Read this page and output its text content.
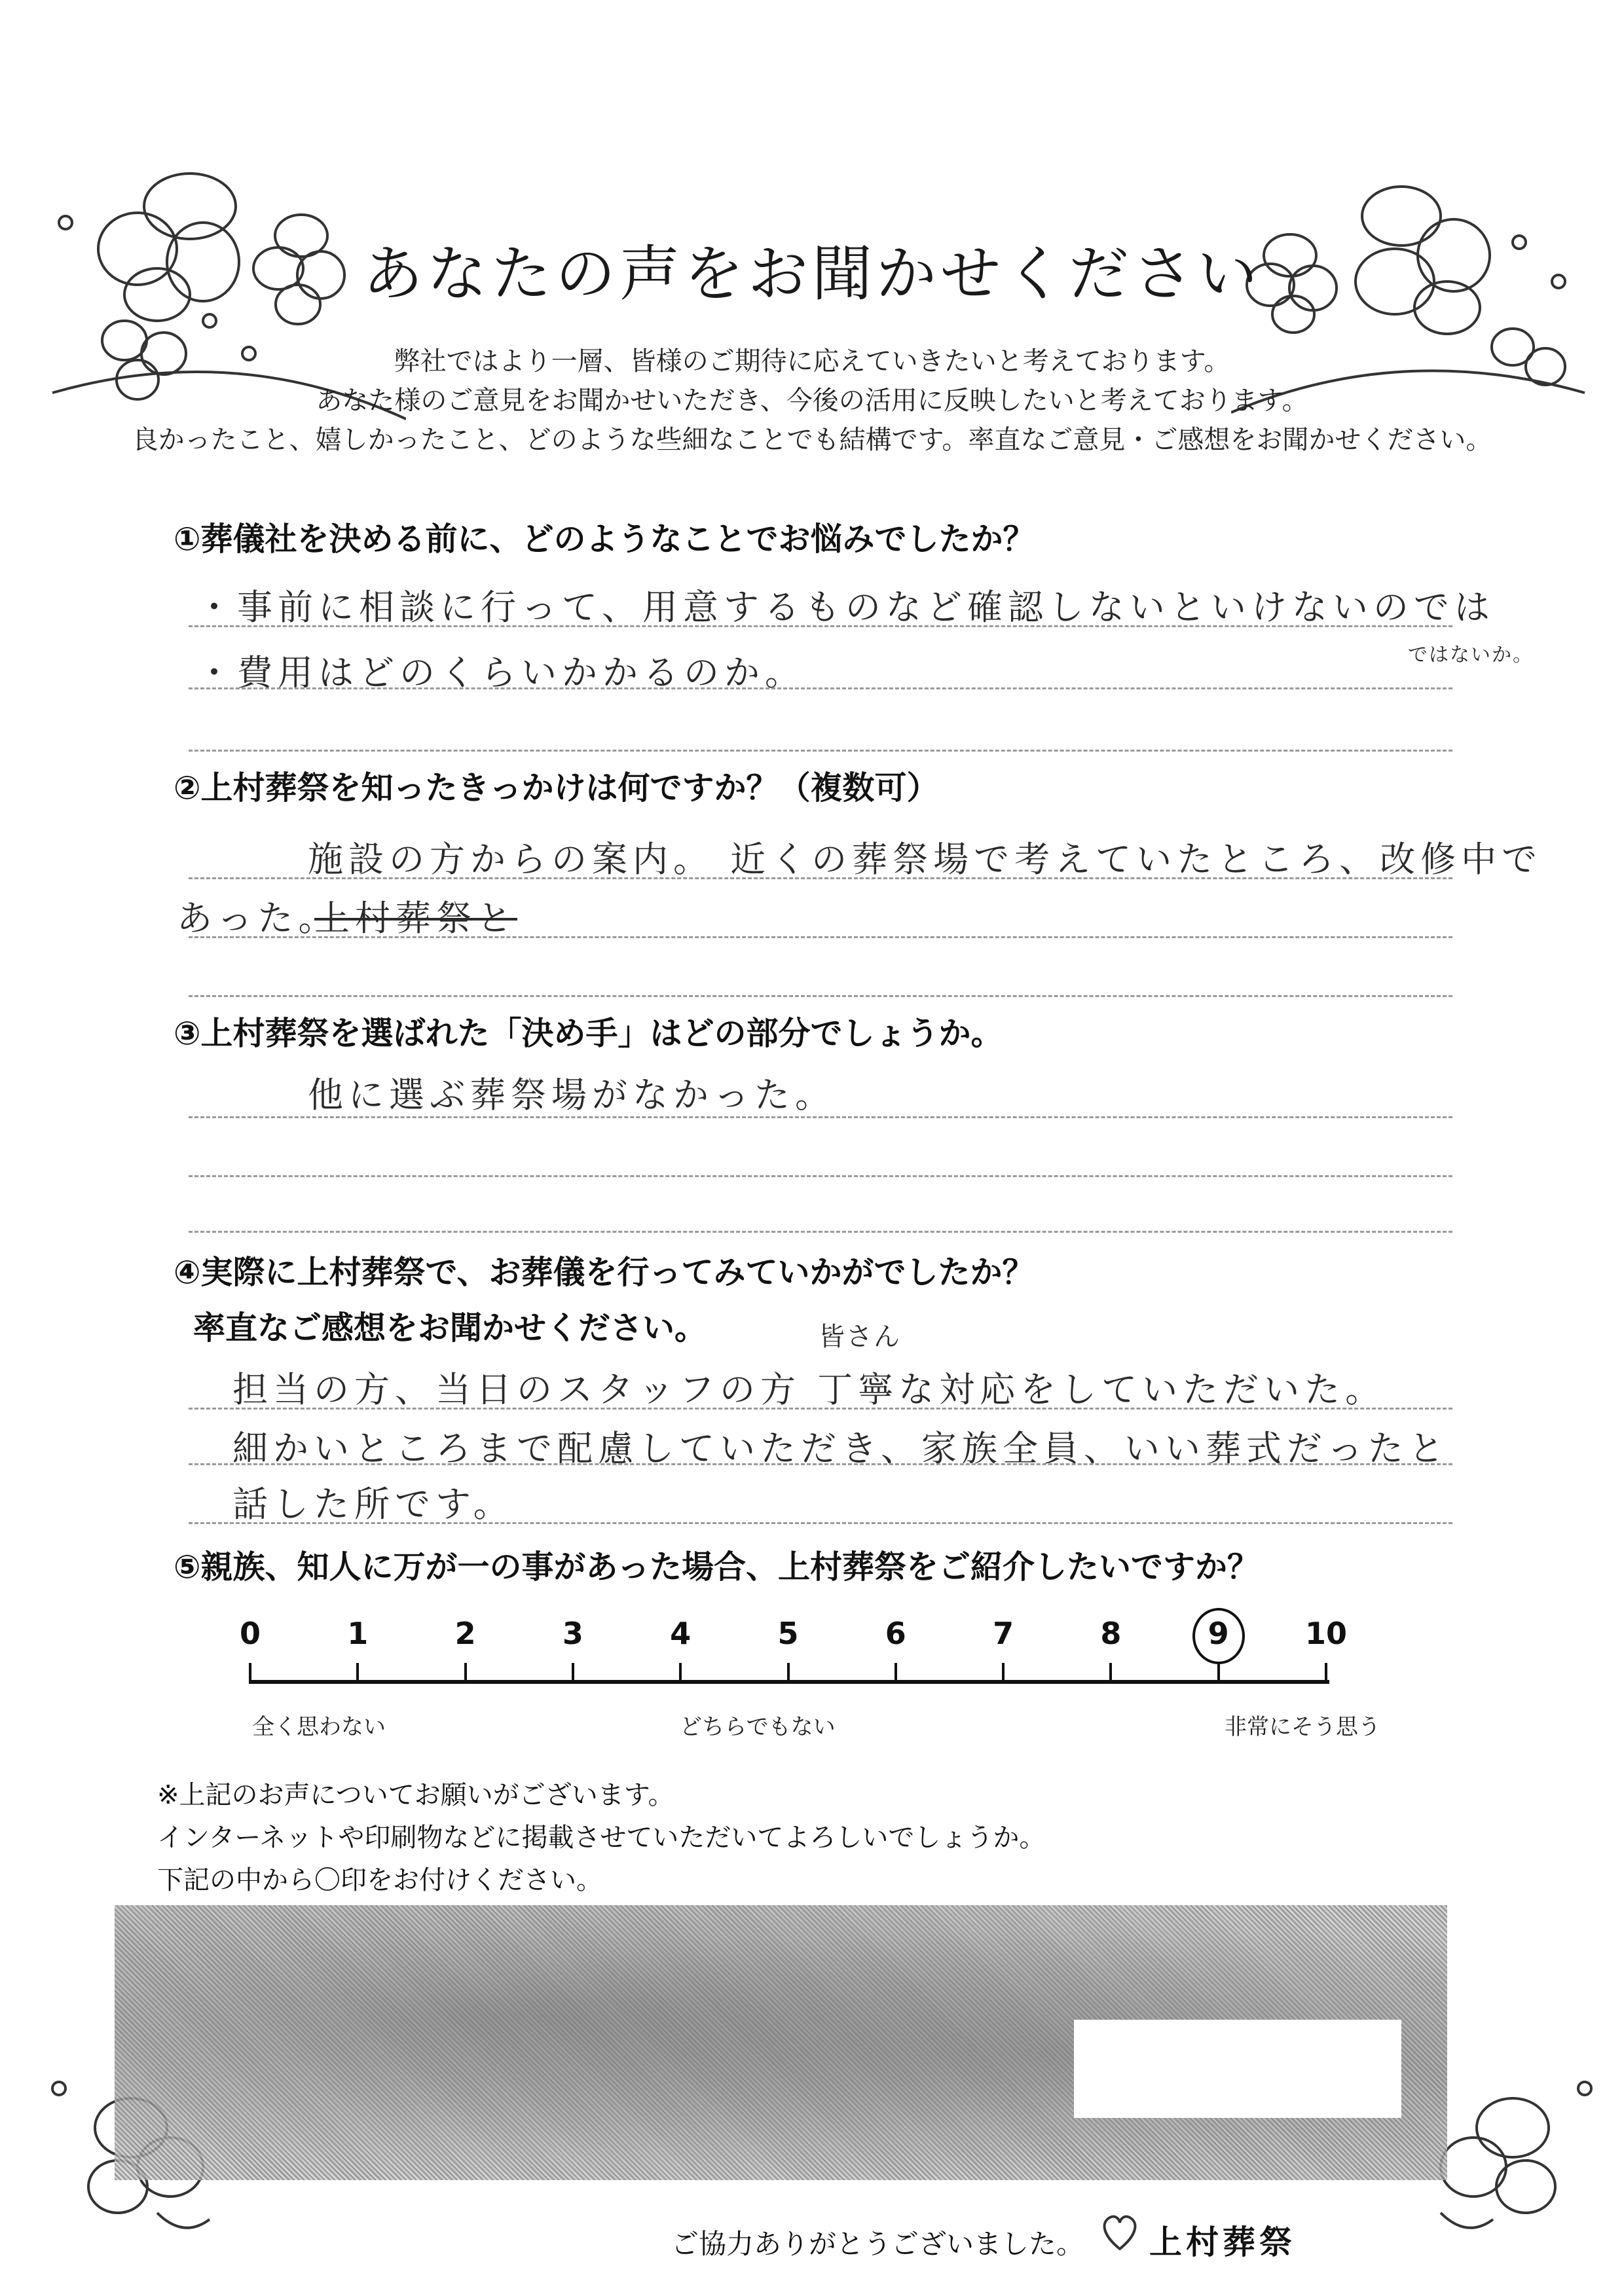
あなたの声をお聞かせください
弊社ではより一層、皆様のご期待に応えていきたいと考えております。
あなた様のご意見をお聞かせいただき、今後の活用に反映したいと考えております。
良かったこと、嬉しかったこと、どのような些細なことでも結構です。率直なご意見・ご感想をお聞かせください。
①葬儀社を決める前に、どのようなことでお悩みでしたか？
・事前に相談に行って、用意するものなど確認しないといけないのでは
ではないか。
・費用はどのくらいかかるのか。
②上村葬祭を知ったきっかけは何ですか？（複数可）
施設の方からの案内。 近くの葬祭場で考えていたところ、改修中で
あった。
上村葬祭と
③上村葬祭を選ばれた「決め手」はどの部分でしょうか。
他に選ぶ葬祭場がなかった。
④実際に上村葬祭で、お葬儀を行ってみていかがでしたか？
率直なご感想をお聞かせください。	皆さん
担当の方、当日のスタッフの方 丁寧な対応をしていただいた。
細かいところまで配慮していただき、家族全員、いい葬式だったと
話した所です。
⑤親族、知人に万が一の事があった場合、上村葬祭をご紹介したいですか？
0	1	2	3	4	5	6	7	8	9	10
全く思わない	どちらでもない	非常にそう思う
※上記のお声についてお願いがございます。
インターネットや印刷物などに掲載させていただいてよろしいでしょうか。
下記の中から〇印をお付けください。
ご協力ありがとうございました。 上村葬祭
